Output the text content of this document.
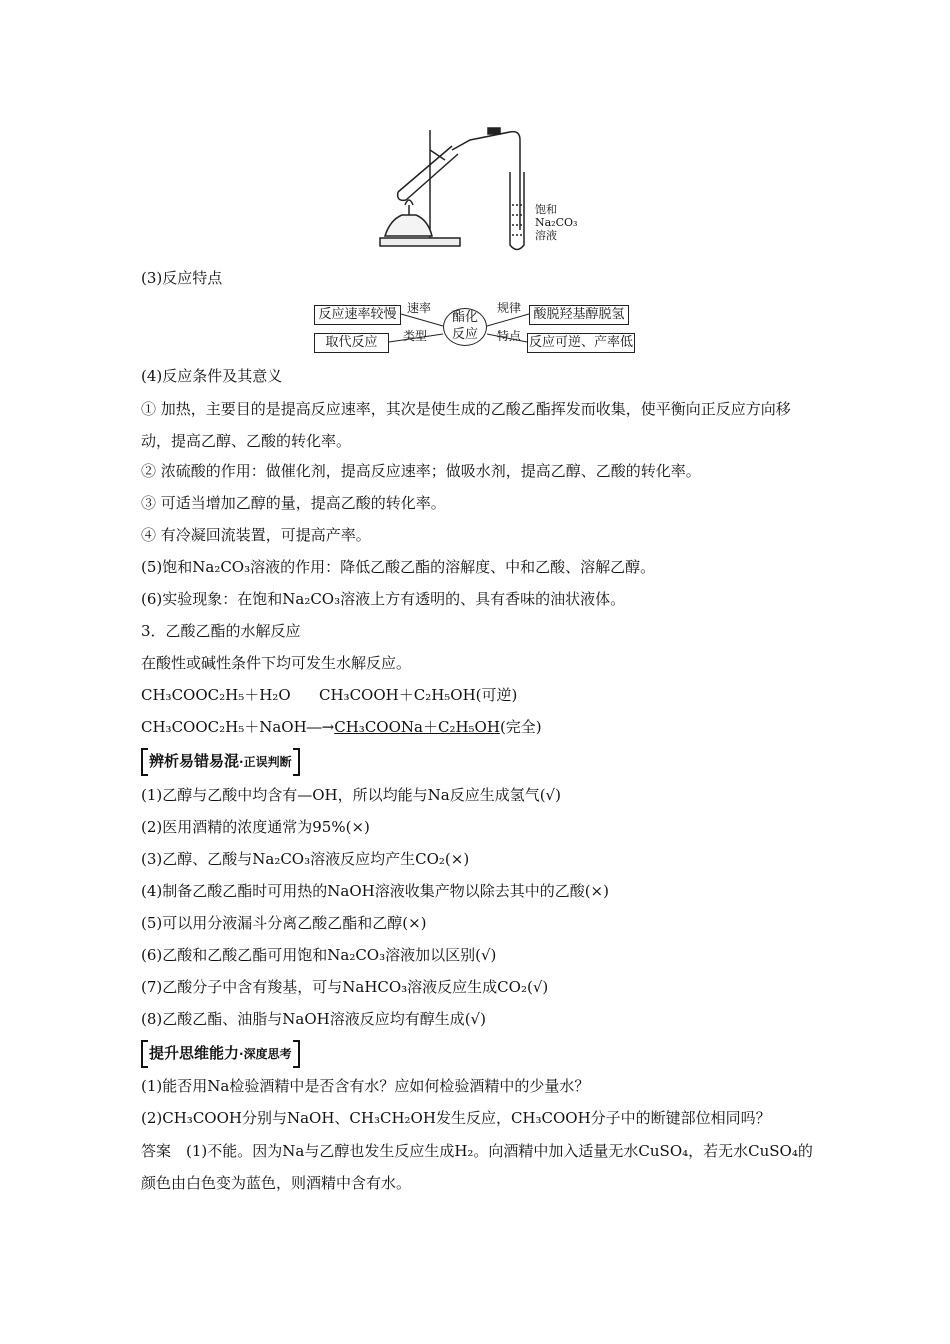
饱和
Na₂CO₃
溶液
(3)反应特点
反应速率较慢 速率
取代反应	类型
酯化
反应
规律 酸脱羟基醇脱氢
特点 反应可逆、产率低
(4)反应条件及其意义
① 加热，主要目的是提高反应速率，其次是使生成的乙酸乙酯挥发而收集，使平衡向正反应方向移动，提高乙醇、乙酸的转化率。
② 浓硫酸的作用：做催化剂，提高反应速率；做吸水剂，提高乙醇、乙酸的转化率。
③ 可适当增加乙醇的量，提高乙酸的转化率。
④ 有冷凝回流装置，可提高产率。
(5)饱和Na₂CO₃溶液的作用：降低乙酸乙酯的溶解度、中和乙酸、溶解乙醇。
(6)实验现象：在饱和Na₂CO₃溶液上方有透明的、具有香味的油状液体。
3．乙酸乙酯的水解反应
在酸性或碱性条件下均可发生水解反应。
CH₃COOC₂H₅＋H₂O CH₃COOH＋C₂H₅OH(可逆)
CH₃COOC₂H₅＋NaOH―→CH₃COONa＋C₂H₅OH(完全)
辨析易错易混·正误判断
(1)乙醇与乙酸中均含有—OH，所以均能与Na反应生成氢气(√)
(2)医用酒精的浓度通常为95%(×)
(3)乙醇、乙酸与Na₂CO₃溶液反应均产生CO₂(×)
(4)制备乙酸乙酯时可用热的NaOH溶液收集产物以除去其中的乙酸(×)
(5)可以用分液漏斗分离乙酸乙酯和乙醇(×)
(6)乙酸和乙酸乙酯可用饱和Na₂CO₃溶液加以区别(√)
(7)乙酸分子中含有羧基，可与NaHCO₃溶液反应生成CO₂(√)
(8)乙酸乙酯、油脂与NaOH溶液反应均有醇生成(√)
提升思维能力·深度思考
(1)能否用Na检验酒精中是否含有水？应如何检验酒精中的少量水？
(2)CH₃COOH分别与NaOH、CH₃CH₂OH发生反应，CH₃COOH分子中的断键部位相同吗？
答案　(1)不能。因为Na与乙醇也发生反应生成H₂。向酒精中加入适量无水CuSO₄，若无水CuSO₄的颜色由白色变为蓝色，则酒精中含有水。
